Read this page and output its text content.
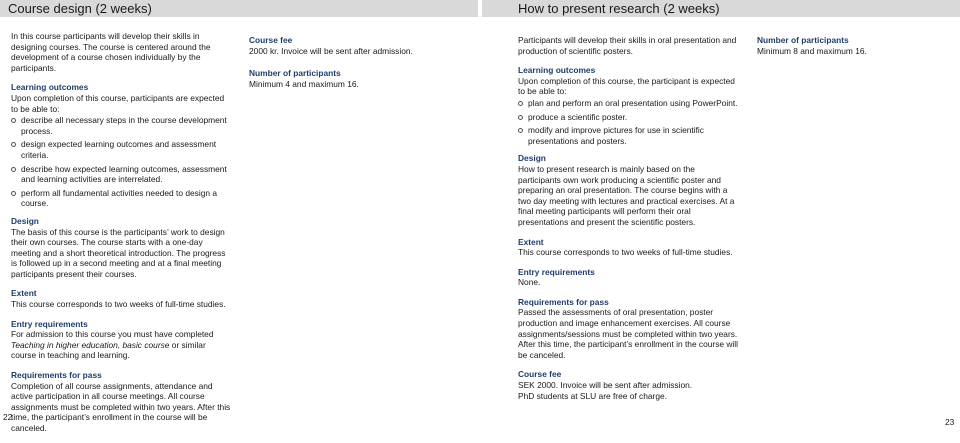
Course design (2 weeks)

In this course participants will develop their skills in designing courses. The course is centered around the development of a course chosen individually by the participants.

Learning outcomes
Upon completion of this course, participants are expected to be able to:
describe all necessary steps in the course development process.
design expected learning outcomes and assessment criteria.
describe how expected learning outcomes, assessment and learning activities are interrelated.
perform all fundamental activities needed to design a course.

Design
The basis of this course is the participants’ work to design their own courses. The course starts with a one-day meeting and a short theoretical introduction. The progress is followed up in a second meeting and at a final meeting participants present their courses.

Extent
This course corresponds to two weeks of full-time studies.

Entry requirements
For admission to this course you must have completed Teaching in higher education, basic course or similar course in teaching and learning.

Requirements for pass
Completion of all course assignments, attendance and active participation in all course meetings. All course assignments must be completed within two years. After this time, the participant’s enrollment in the course will be canceled.

Course fee
2000 kr. Invoice will be sent after admission.

Number of participants
Minimum 4 and maximum 16.

22
How to present research (2 weeks)

Participants will develop their skills in oral presentation and production of scientific posters.

Learning outcomes
Upon completion of this course, the participant is expected to be able to:
plan and perform an oral presentation using PowerPoint.
produce a scientific poster.
modify and improve pictures for use in scientific presentations and posters.

Design
How to present research is mainly based on the participants own work producing a scientific poster and preparing an oral presentation. The course begins with a two day meeting with lectures and practical exercises. At a final meeting participants will perform their oral presentations and present the scientific posters.

Extent
This course corresponds to two weeks of full-time studies.

Entry requirements
None.

Requirements for pass
Passed the assessments of oral presentation, poster production and image enhancement exercises. All course assignments/sessions must be completed within two years. After this time, the participant’s enrollment in the course will be canceled.

Course fee
SEK 2000. Invoice will be sent after admission.
PhD students at SLU are free of charge.

Number of participants
Minimum 8 and maximum 16.

23
